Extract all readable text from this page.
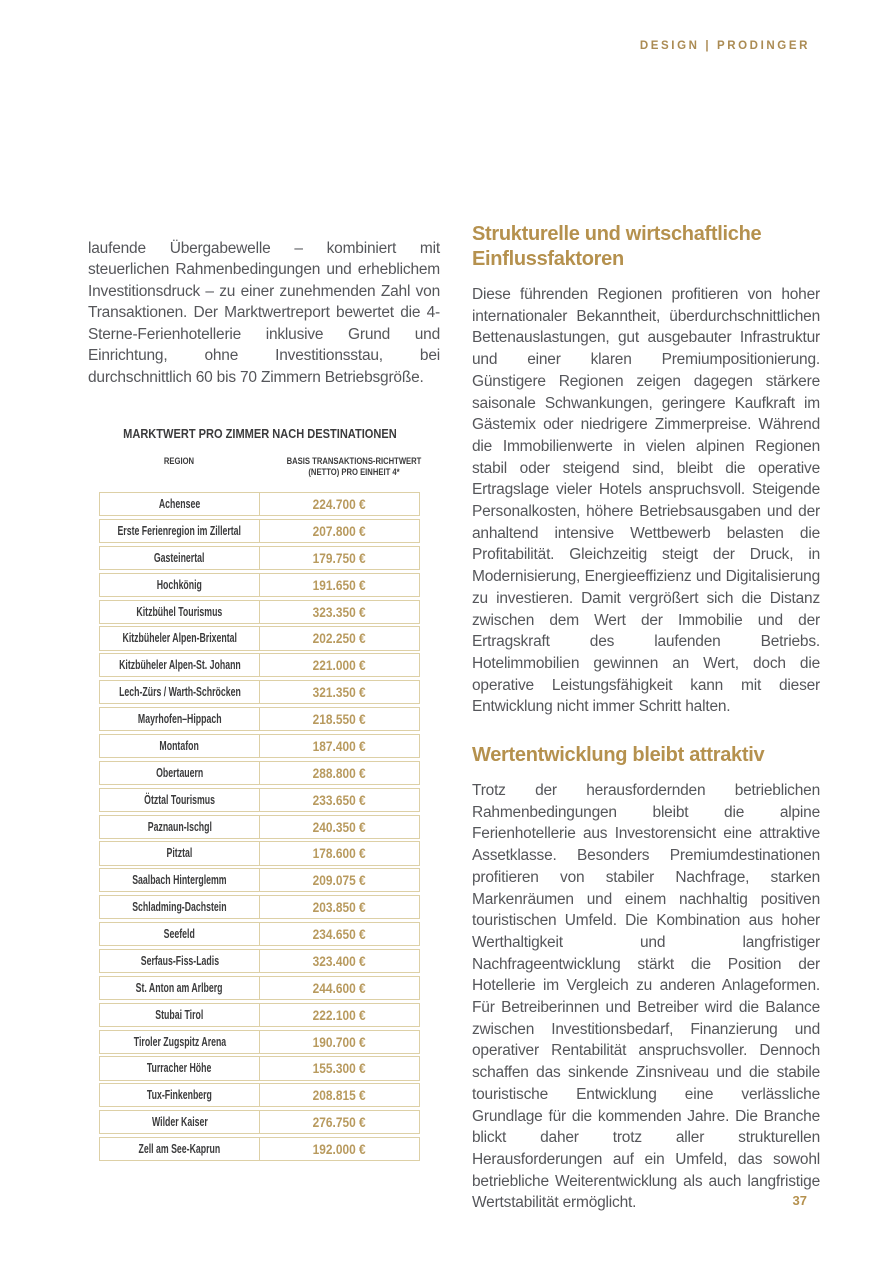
DESIGN | PRODINGER

laufende Übergabewelle – kombiniert mit steuerlichen Rahmenbedingungen und erheblichem Investitionsdruck – zu einer zunehmenden Zahl von Transaktionen. Der Marktwertreport bewertet die 4-Sterne-Ferienhotellerie inklusive Grund und Einrichtung, ohne Investitionsstau, bei durchschnittlich 60 bis 70 Zimmern Betriebsgröße.

MARKTWERT PRO ZIMMER NACH DESTINATIONEN
REGION	BASIS TRANSAKTIONS-RICHTWERT (NETTO) PRO EINHEIT 4*
Achensee	224.700 €
Erste Ferienregion im Zillertal	207.800 €
Gasteinertal	179.750 €
Hochkönig	191.650 €
Kitzbühel Tourismus	323.350 €
Kitzbüheler Alpen-Brixental	202.250 €
Kitzbüheler Alpen-St. Johann	221.000 €
Lech-Zürs / Warth-Schröcken	321.350 €
Mayrhofen–Hippach	218.550 €
Montafon	187.400 €
Obertauern	288.800 €
Ötztal Tourismus	233.650 €
Paznaun-Ischgl	240.350 €
Pitztal	178.600 €
Saalbach Hinterglemm	209.075 €
Schladming-Dachstein	203.850 €
Seefeld	234.650 €
Serfaus-Fiss-Ladis	323.400 €
St. Anton am Arlberg	244.600 €
Stubai Tirol	222.100 €
Tiroler Zugspitz Arena	190.700 €
Turracher Höhe	155.300 €
Tux-Finkenberg	208.815 €
Wilder Kaiser	276.750 €
Zell am See-Kaprun	192.000 €
Strukturelle und wirtschaftliche Einflussfaktoren

Diese führenden Regionen profitieren von hoher internationaler Bekanntheit, überdurchschnittlichen Bettenauslastungen, gut ausgebauter Infrastruktur und einer klaren Premiumpositionierung. Günstigere Regionen zeigen dagegen stärkere saisonale Schwankungen, geringere Kaufkraft im Gästemix oder niedrigere Zimmerpreise. Während die Immobilienwerte in vielen alpinen Regionen stabil oder steigend sind, bleibt die operative Ertragslage vieler Hotels anspruchsvoll. Steigende Personalkosten, höhere Betriebsausgaben und der anhaltend intensive Wettbewerb belasten die Profitabilität. Gleichzeitig steigt der Druck, in Modernisierung, Energieeffizienz und Digitalisierung zu investieren. Damit vergrößert sich die Distanz zwischen dem Wert der Immobilie und der Ertragskraft des laufenden Betriebs. Hotelimmobilien gewinnen an Wert, doch die operative Leistungsfähigkeit kann mit dieser Entwicklung nicht immer Schritt halten.

Wertentwicklung bleibt attraktiv

Trotz der herausfordernden betrieblichen Rahmenbedingungen bleibt die alpine Ferienhotellerie aus Investorensicht eine attraktive Assetklasse. Besonders Premiumdestinationen profitieren von stabiler Nachfrage, starken Markenräumen und einem nachhaltig positiven touristischen Umfeld. Die Kombination aus hoher Werthaltigkeit und langfristiger Nachfrageentwicklung stärkt die Position der Hotellerie im Vergleich zu anderen Anlageformen. Für Betreiberinnen und Betreiber wird die Balance zwischen Investitionsbedarf, Finanzierung und operativer Rentabilität anspruchsvoller. Dennoch schaffen das sinkende Zinsniveau und die stabile touristische Entwicklung eine verlässliche Grundlage für die kommenden Jahre. Die Branche blickt daher trotz aller strukturellen Herausforderungen auf ein Umfeld, das sowohl betriebliche Weiterentwicklung als auch langfristige Wertstabilität ermöglicht.	37
